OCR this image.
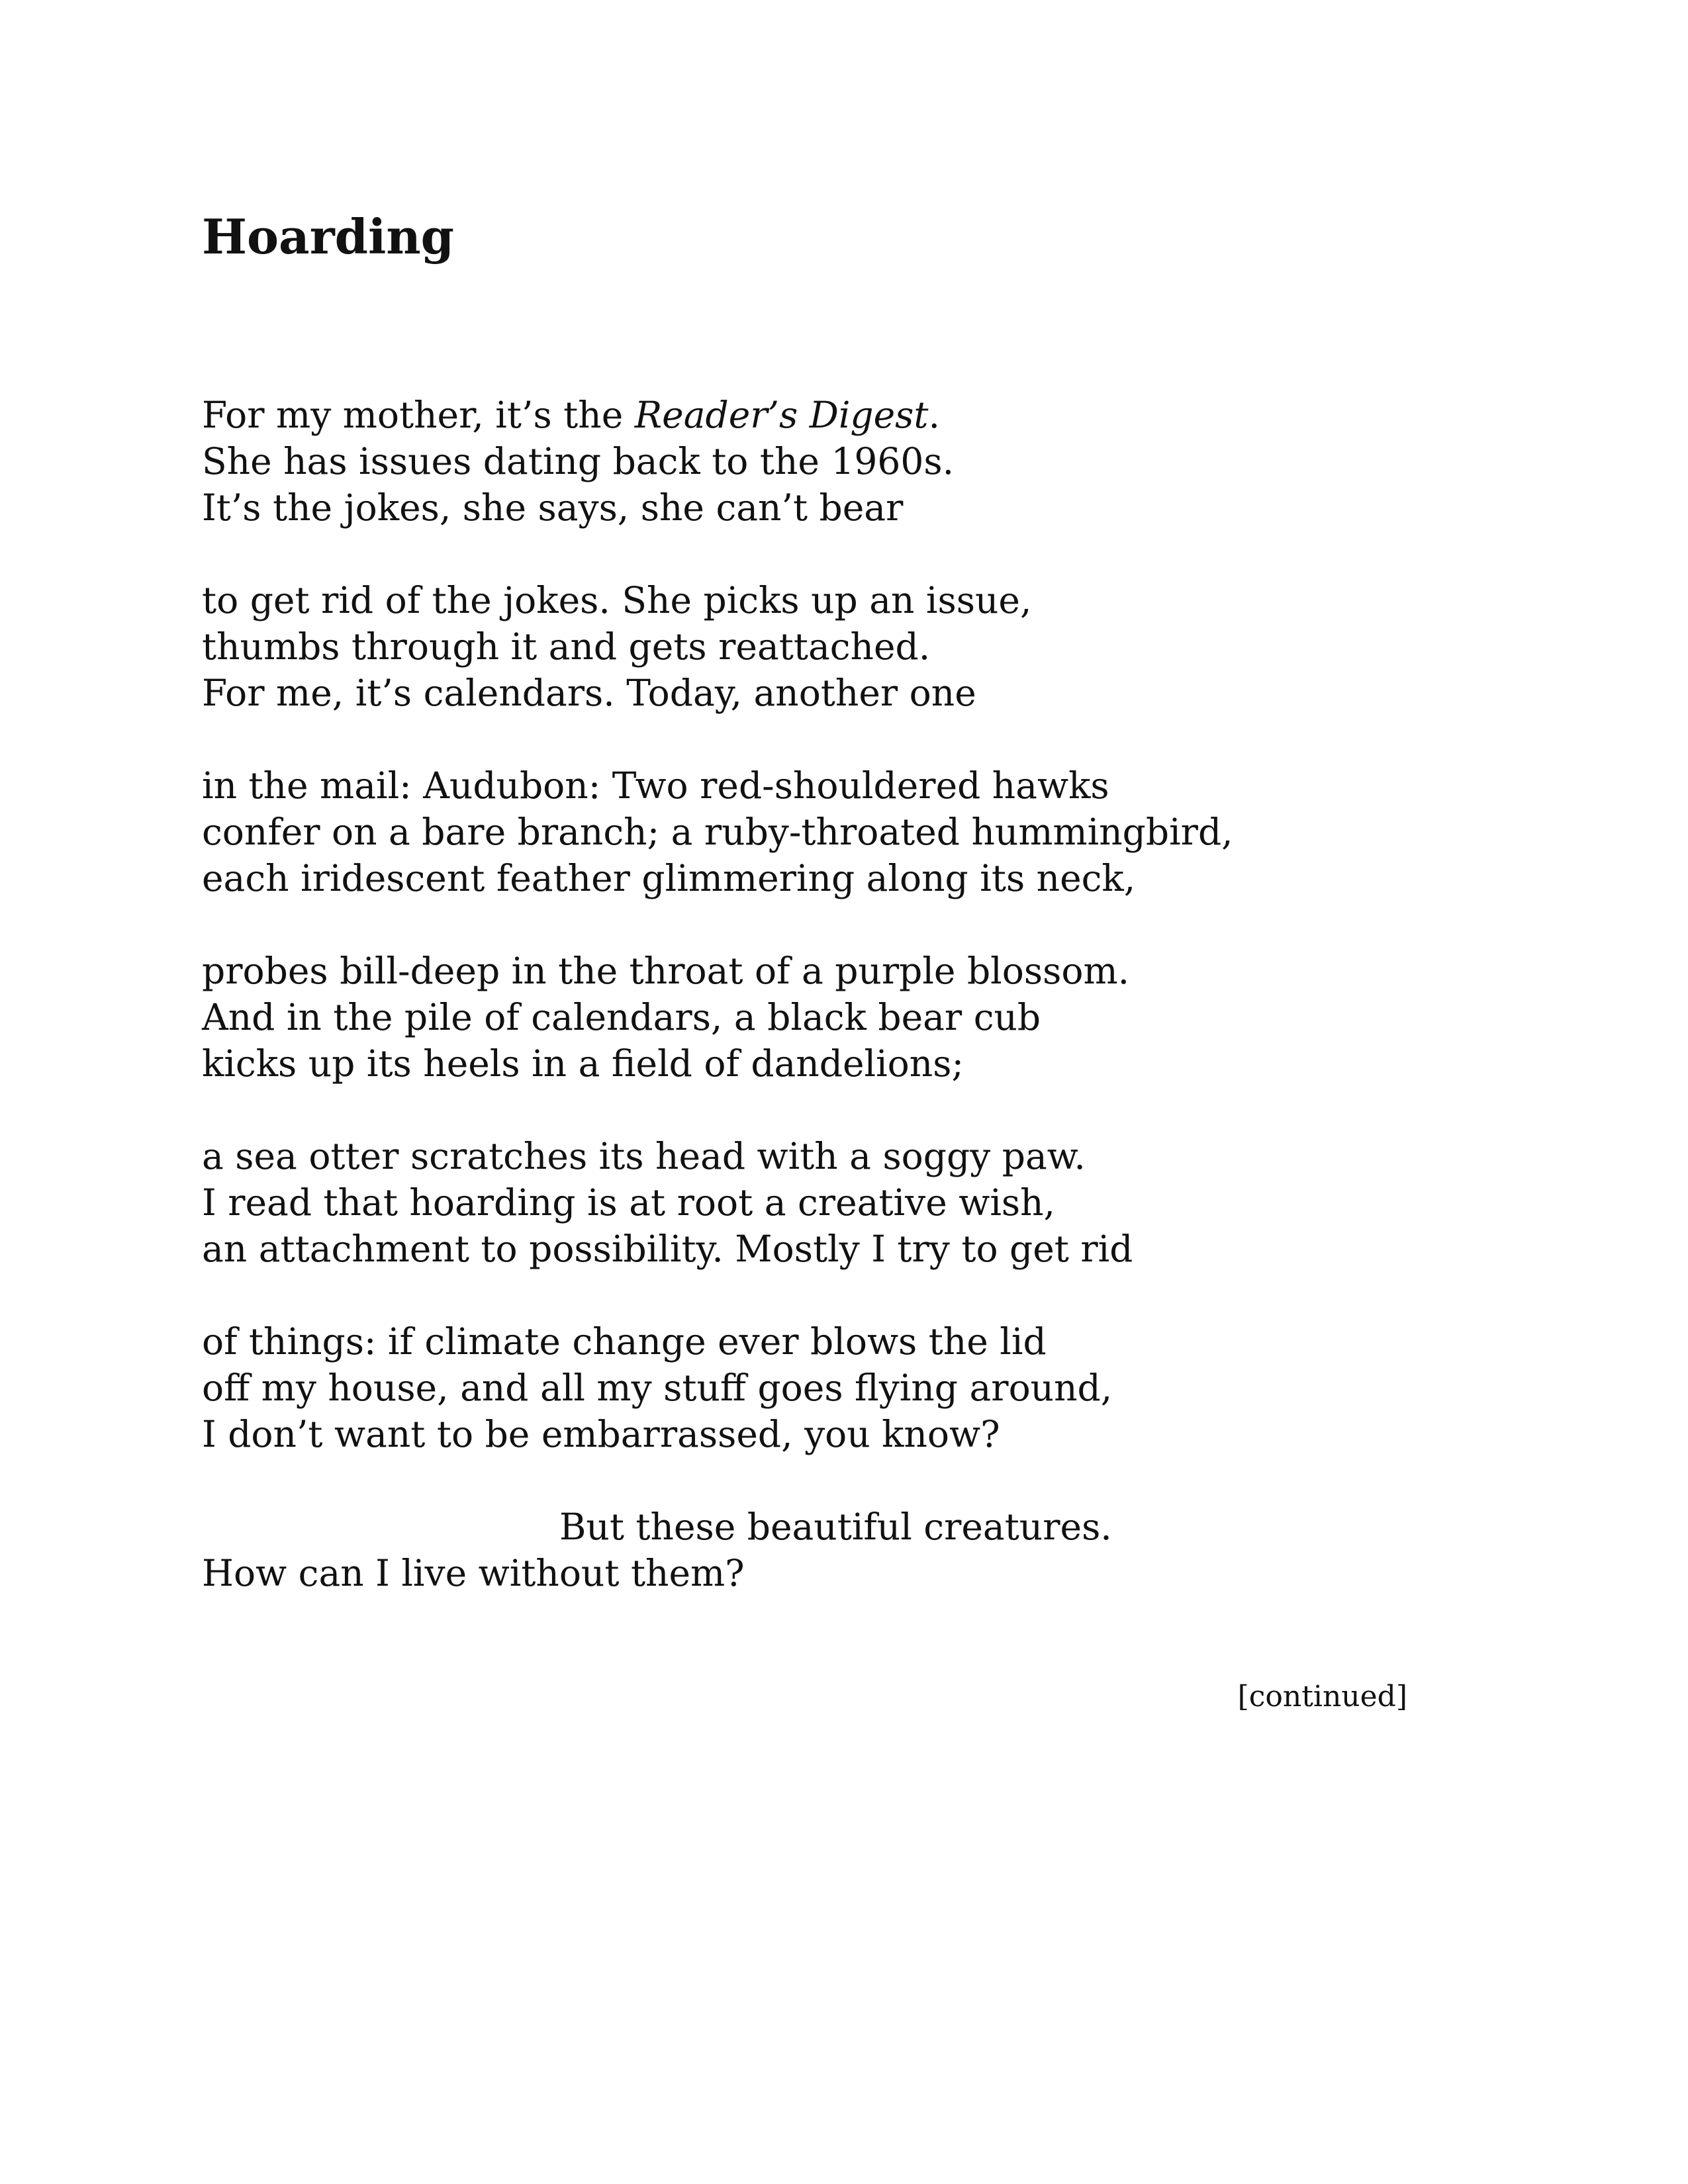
Hoarding
For my mother, it’s the Reader’s Digest.
She has issues dating back to the 1960s.
It’s the jokes, she says, she can’t bear
to get rid of the jokes. She picks up an issue,
thumbs through it and gets reattached.
For me, it’s calendars. Today, another one
in the mail: Audubon: Two red-shouldered hawks
confer on a bare branch; a ruby-throated hummingbird,
each iridescent feather glimmering along its neck,
probes bill-deep in the throat of a purple blossom.
And in the pile of calendars, a black bear cub
kicks up its heels in a field of dandelions;
a sea otter scratches its head with a soggy paw.
I read that hoarding is at root a creative wish,
an attachment to possibility. Mostly I try to get rid
of things: if climate change ever blows the lid
off my house, and all my stuff goes flying around,
I don’t want to be embarrassed, you know?
But these beautiful creatures.
How can I live without them?
[continued]
